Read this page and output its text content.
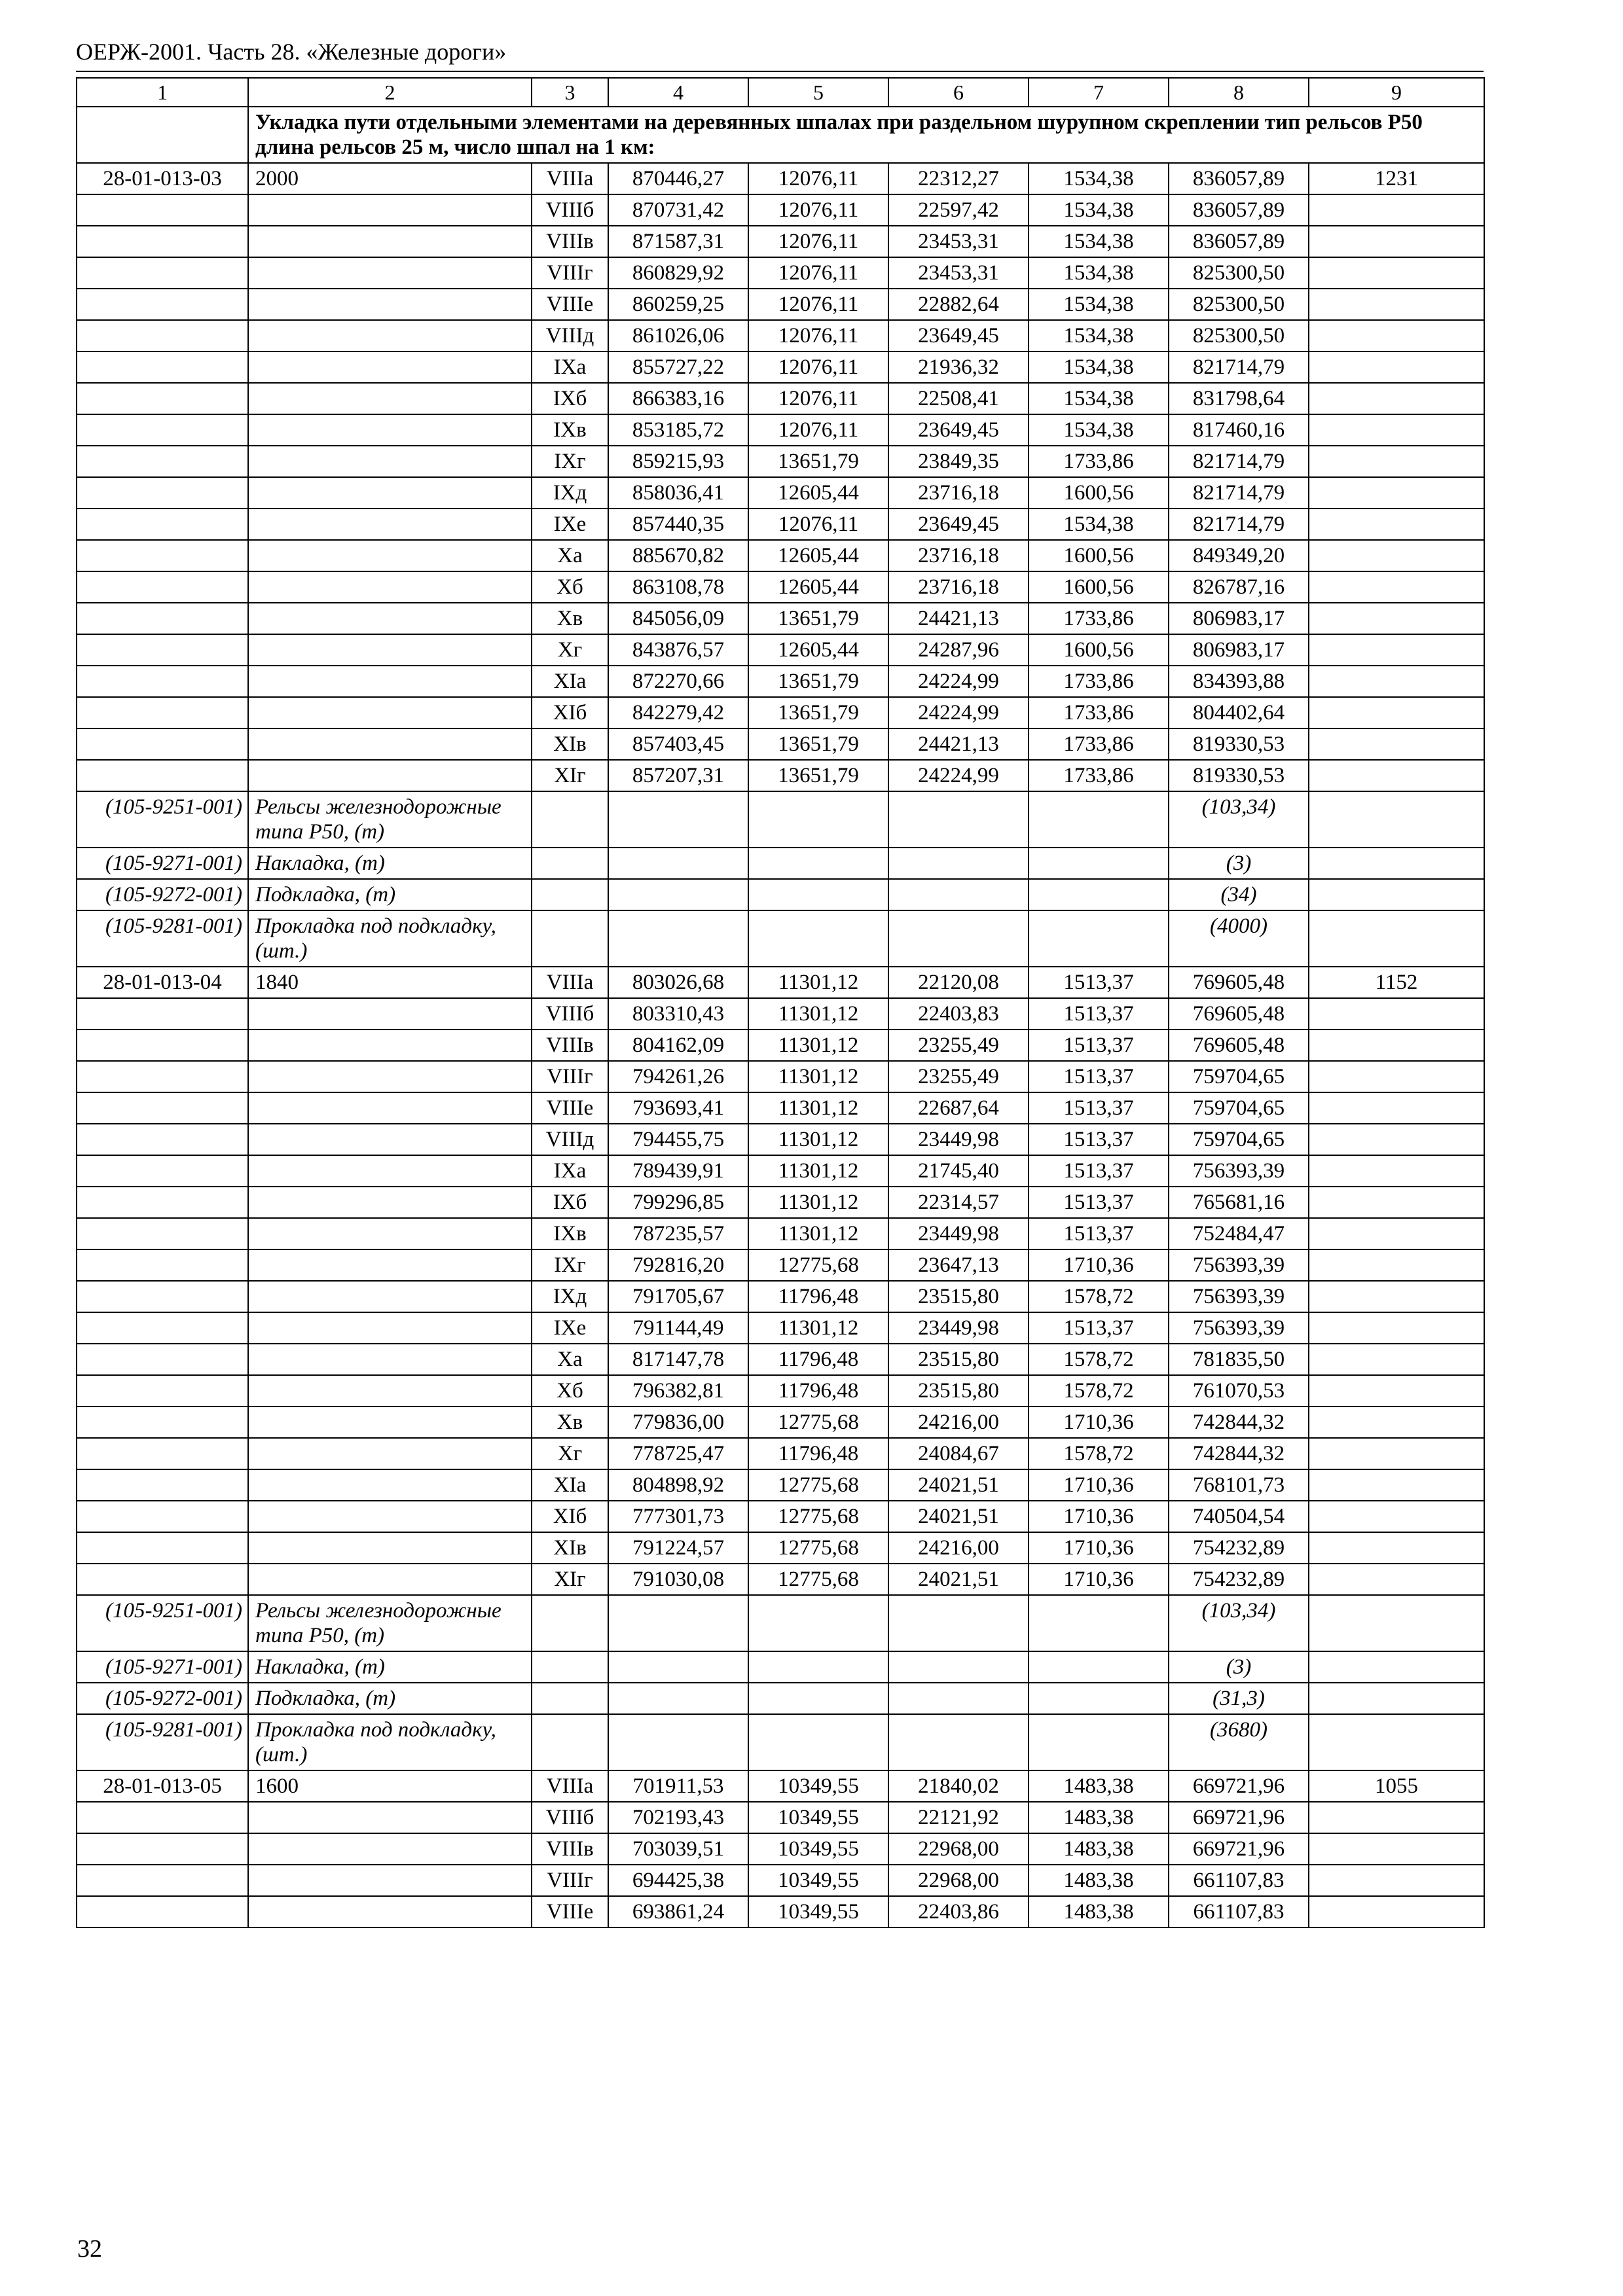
ОЕРЖ-2001. Часть 28. «Железные дороги»
1	2	3	4	5	6	7	8	9
	Укладка пути отдельными элементами на деревянных шпалах при раздельном шурупном скреплении тип рельсов Р50 длина рельсов 25 м, число шпал на 1 км:							
28-01-013-03	2000	VIIIa	870446,27	12076,11	22312,27	1534,38	836057,89	1231
		VIIIб	870731,42	12076,11	22597,42	1534,38	836057,89	
		VIIIв	871587,31	12076,11	23453,31	1534,38	836057,89	
		VIIIг	860829,92	12076,11	23453,31	1534,38	825300,50	
		VIIIе	860259,25	12076,11	22882,64	1534,38	825300,50	
		VIIIд	861026,06	12076,11	23649,45	1534,38	825300,50	
		IXa	855727,22	12076,11	21936,32	1534,38	821714,79	
		IXб	866383,16	12076,11	22508,41	1534,38	831798,64	
		IXв	853185,72	12076,11	23649,45	1534,38	817460,16	
		IXг	859215,93	13651,79	23849,35	1733,86	821714,79	
		IXд	858036,41	12605,44	23716,18	1600,56	821714,79	
		IXе	857440,35	12076,11	23649,45	1534,38	821714,79	
		Xa	885670,82	12605,44	23716,18	1600,56	849349,20	
		Xб	863108,78	12605,44	23716,18	1600,56	826787,16	
		Xв	845056,09	13651,79	24421,13	1733,86	806983,17	
		Xг	843876,57	12605,44	24287,96	1600,56	806983,17	
		XIa	872270,66	13651,79	24224,99	1733,86	834393,88	
		XIб	842279,42	13651,79	24224,99	1733,86	804402,64	
		XIв	857403,45	13651,79	24421,13	1733,86	819330,53	
		XIг	857207,31	13651,79	24224,99	1733,86	819330,53	
(105-9251-001)	Рельсы железнодорожные типа Р50, (т)						(103,34)	
(105-9271-001)	Накладка, (т)						(3)	
(105-9272-001)	Подкладка, (т)						(34)	
(105-9281-001)	Прокладка под подкладку, (шт.)						(4000)	
28-01-013-04	1840	VIIIa	803026,68	11301,12	22120,08	1513,37	769605,48	1152
		VIIIб	803310,43	11301,12	22403,83	1513,37	769605,48	
		VIIIв	804162,09	11301,12	23255,49	1513,37	769605,48	
		VIIIг	794261,26	11301,12	23255,49	1513,37	759704,65	
		VIIIе	793693,41	11301,12	22687,64	1513,37	759704,65	
		VIIIд	794455,75	11301,12	23449,98	1513,37	759704,65	
		IXa	789439,91	11301,12	21745,40	1513,37	756393,39	
		IXб	799296,85	11301,12	22314,57	1513,37	765681,16	
		IXв	787235,57	11301,12	23449,98	1513,37	752484,47	
		IXг	792816,20	12775,68	23647,13	1710,36	756393,39	
		IXд	791705,67	11796,48	23515,80	1578,72	756393,39	
		IXе	791144,49	11301,12	23449,98	1513,37	756393,39	
		Xa	817147,78	11796,48	23515,80	1578,72	781835,50	
		Xб	796382,81	11796,48	23515,80	1578,72	761070,53	
		Xв	779836,00	12775,68	24216,00	1710,36	742844,32	
		Xг	778725,47	11796,48	24084,67	1578,72	742844,32	
		XIa	804898,92	12775,68	24021,51	1710,36	768101,73	
		XIб	777301,73	12775,68	24021,51	1710,36	740504,54	
		XIв	791224,57	12775,68	24216,00	1710,36	754232,89	
		XIг	791030,08	12775,68	24021,51	1710,36	754232,89	
(105-9251-001)	Рельсы железнодорожные типа Р50, (т)						(103,34)	
(105-9271-001)	Накладка, (т)						(3)	
(105-9272-001)	Подкладка, (т)						(31,3)	
(105-9281-001)	Прокладка под подкладку, (шт.)						(3680)	
28-01-013-05	1600	VIIIa	701911,53	10349,55	21840,02	1483,38	669721,96	1055
		VIIIб	702193,43	10349,55	22121,92	1483,38	669721,96	
		VIIIв	703039,51	10349,55	22968,00	1483,38	669721,96	
		VIIIг	694425,38	10349,55	22968,00	1483,38	661107,83	
		VIIIе	693861,24	10349,55	22403,86	1483,38	661107,83	
32
